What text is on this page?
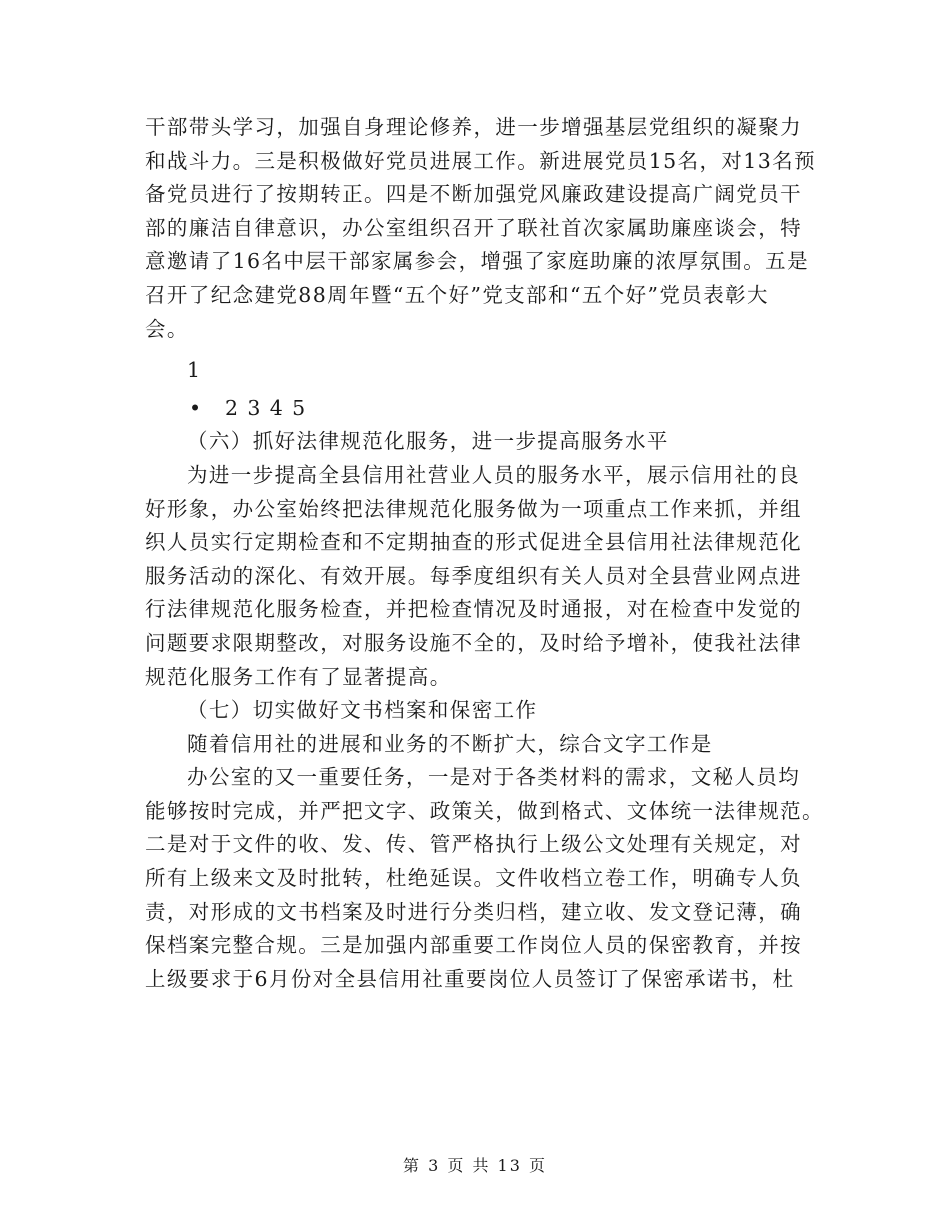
干部带头学习，加强自身理论修养，进一步增强基层党组织的凝聚力
和战斗力。三是积极做好党员进展工作。新进展党员15名，对13名预
备党员进行了按期转正。四是不断加强党风廉政建设提高广阔党员干
部的廉洁自律意识，办公室组织召开了联社首次家属助廉座谈会，特
意邀请了16名中层干部家属参会，增强了家庭助廉的浓厚氛围。五是
召开了纪念建党88周年暨“五个好”党支部和“五个好”党员表彰大
会。
1
• 2 3 4 5
（六）抓好法律规范化服务，进一步提高服务水平
为进一步提高全县信用社营业人员的服务水平，展示信用社的良
好形象，办公室始终把法律规范化服务做为一项重点工作来抓，并组
织人员实行定期检查和不定期抽查的形式促进全县信用社法律规范化
服务活动的深化、有效开展。每季度组织有关人员对全县营业网点进
行法律规范化服务检查，并把检查情况及时通报，对在检查中发觉的
问题要求限期整改，对服务设施不全的，及时给予增补，使我社法律
规范化服务工作有了显著提高。
（七）切实做好文书档案和保密工作
随着信用社的进展和业务的不断扩大，综合文字工作是
办公室的又一重要任务，一是对于各类材料的需求，文秘人员均
能够按时完成，并严把文字、政策关，做到格式、文体统一法律规范。
二是对于文件的收、发、传、管严格执行上级公文处理有关规定，对
所有上级来文及时批转，杜绝延误。文件收档立卷工作，明确专人负
责，对形成的文书档案及时进行分类归档，建立收、发文登记薄，确
保档案完整合规。三是加强内部重要工作岗位人员的保密教育，并按
上级要求于6月份对全县信用社重要岗位人员签订了保密承诺书，杜
第 3 页 共 13 页
